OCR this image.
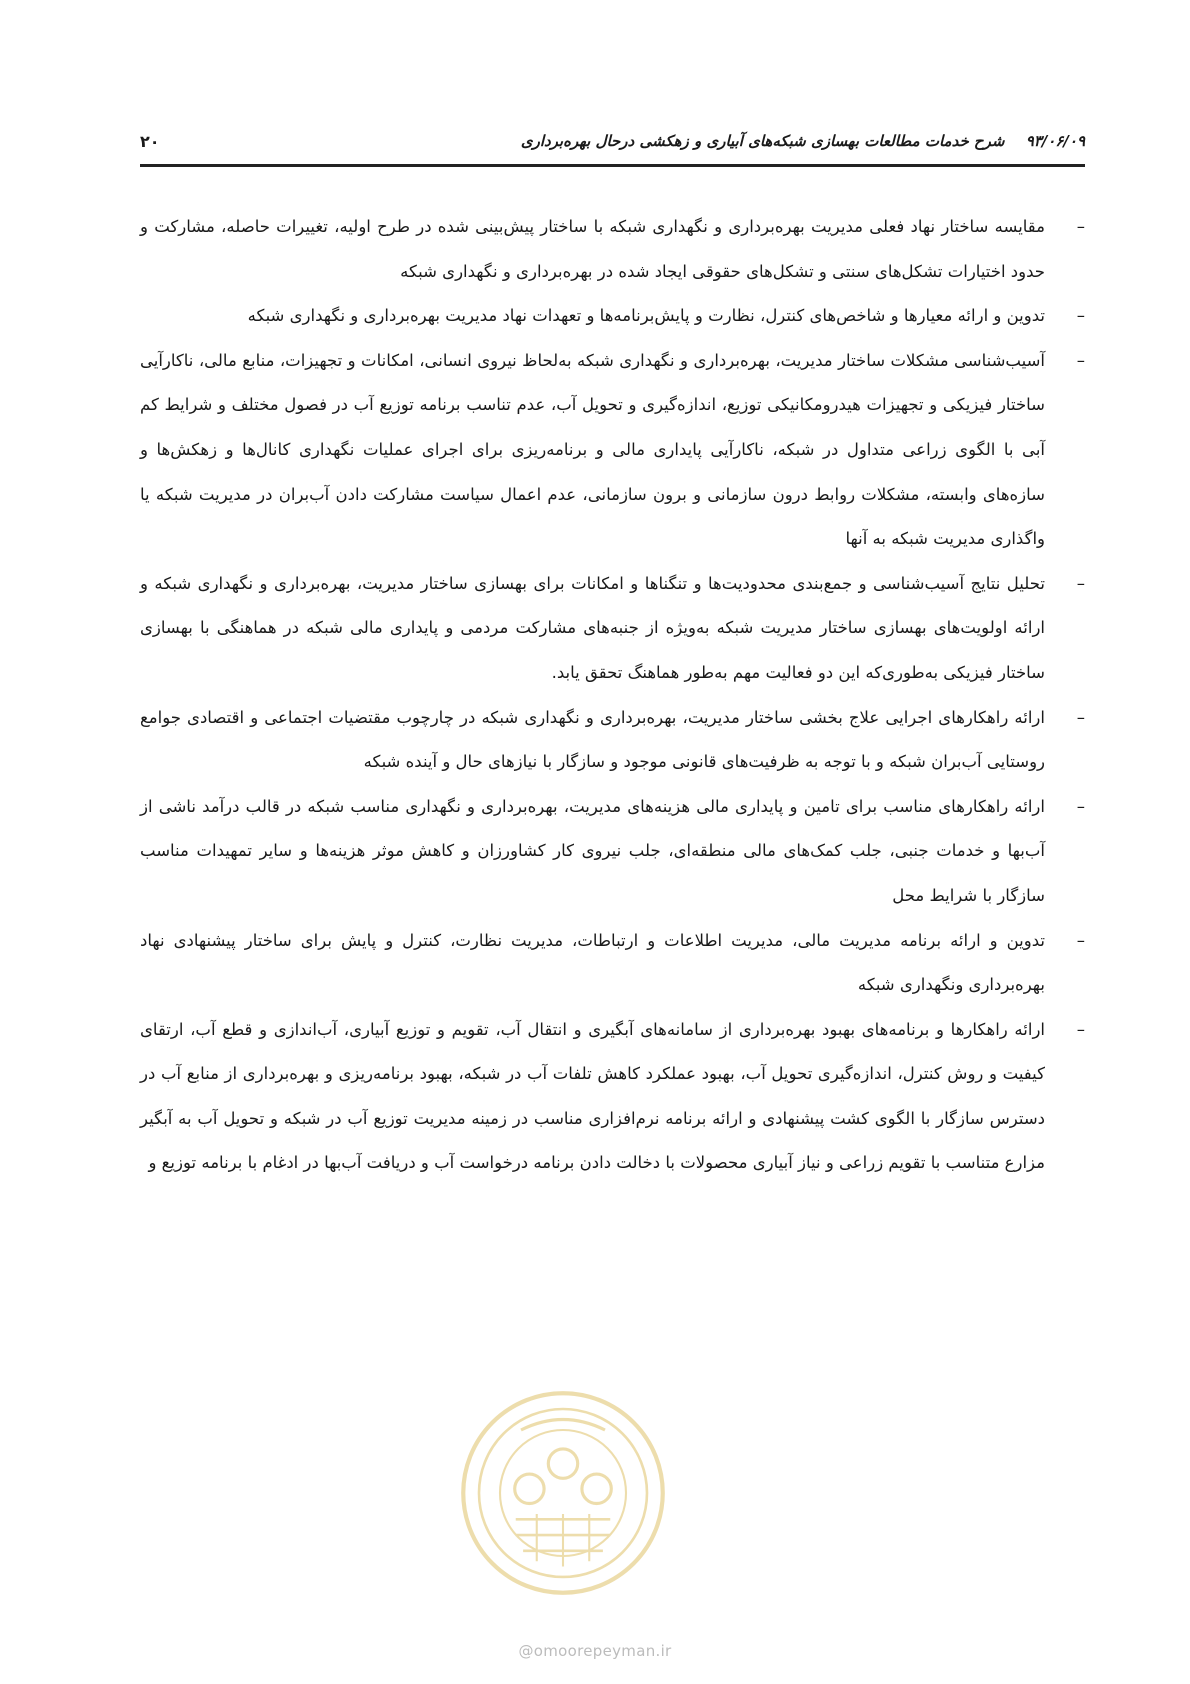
۹۳/۰۶/۰۹ شرح خدمات مطالعات بهسازی شبکه‌های آبیاری و زهکشی درحال بهره‌برداری
۲۰
–
مقایسه ساختار نهاد فعلی مدیریت بهره‌برداری و نگهداری شبکه با ساختار پیش‌بینی شده در طرح اولیه، تغییرات حاصله، مشارکت و حدود اختیارات تشکل‌های سنتی و تشکل‌های حقوقی ایجاد شده در بهره‌برداری و نگهداری شبکه
–
تدوین و ارائه معیارها و شاخص‌های کنترل، نظارت و پایش‌برنامه‌ها و تعهدات نهاد مدیریت بهره‌برداری و نگهداری شبکه
–
آسیب‌شناسی مشکلات ساختار مدیریت، بهره‌برداری و نگهداری شبکه به‌لحاظ نیروی انسانی، امکانات و تجهیزات، منابع مالی، ناکارآیی ساختار فیزیکی و تجهیزات هیدرومکانیکی توزیع، اندازه‌گیری و تحویل آب، عدم تناسب برنامه توزیع آب در فصول مختلف و شرایط کم آبی با الگوی زراعی متداول در شبکه، ناکارآیی پایداری مالی و برنامه‌ریزی برای اجرای عملیات نگهداری کانال‌ها و زهکش‌ها و سازه‌های وابسته، مشکلات روابط درون سازمانی و برون سازمانی، عدم اعمال سیاست مشارکت دادن آب‌بران در مدیریت شبکه یا واگذاری مدیریت شبکه به آنها
–
تحلیل نتایج آسیب‌شناسی و جمع‌بندی محدودیت‌ها و تنگناها و امکانات برای بهسازی ساختار مدیریت، بهره‌برداری و نگهداری شبکه و ارائه اولویت‌های بهسازی ساختار مدیریت شبکه به‌ویژه از جنبه‌های مشارکت مردمی و پایداری مالی شبکه در هماهنگی با بهسازی ساختار فیزیکی به‌طوری‌که این دو فعالیت مهم به‌طور هماهنگ تحقق یابد.
–
ارائه راهکارهای اجرایی علاج بخشی ساختار مدیریت، بهره‌برداری و نگهداری شبکه در چارچوب مقتضیات اجتماعی و اقتصادی جوامع روستایی آب‌بران شبکه و با توجه به ظرفیت‌های قانونی موجود و سازگار با نیازهای حال و آینده شبکه
–
ارائه راهکارهای مناسب برای تامین و پایداری مالی هزینه‌های مدیریت، بهره‌برداری و نگهداری مناسب شبکه در قالب درآمد ناشی از آب‌بها و خدمات جنبی، جلب کمک‌های مالی منطقه‌ای، جلب نیروی کار کشاورزان و کاهش موثر هزینه‌ها و سایر تمهیدات مناسب سازگار با شرایط محل
–
تدوین و ارائه برنامه مدیریت مالی، مدیریت اطلاعات و ارتباطات، مدیریت نظارت، کنترل و پایش برای ساختار پیشنهادی نهاد بهره‌برداری ونگهداری شبکه
–
ارائه راهکارها و برنامه‌های بهبود بهره‌برداری از سامانه‌های آبگیری و انتقال آب، تقویم و توزیع آبیاری، آب‌اندازی و قطع آب، ارتقای کیفیت و روش کنترل، اندازه‌گیری تحویل آب، بهبود عملکرد کاهش تلفات آب در شبکه، بهبود برنامه‌ریزی و بهره‌برداری از منابع آب در دسترس سازگار با الگوی کشت پیشنهادی و ارائه برنامه نرم‌افزاری مناسب در زمینه مدیریت توزیع آب در شبکه و تحویل آب به آبگیر مزارع متناسب با تقویم زراعی و نیاز آبیاری محصولات با دخالت دادن برنامه درخواست آب و دریافت آب‌بها در ادغام با برنامه توزیع و
@omoorepeyman.ir
